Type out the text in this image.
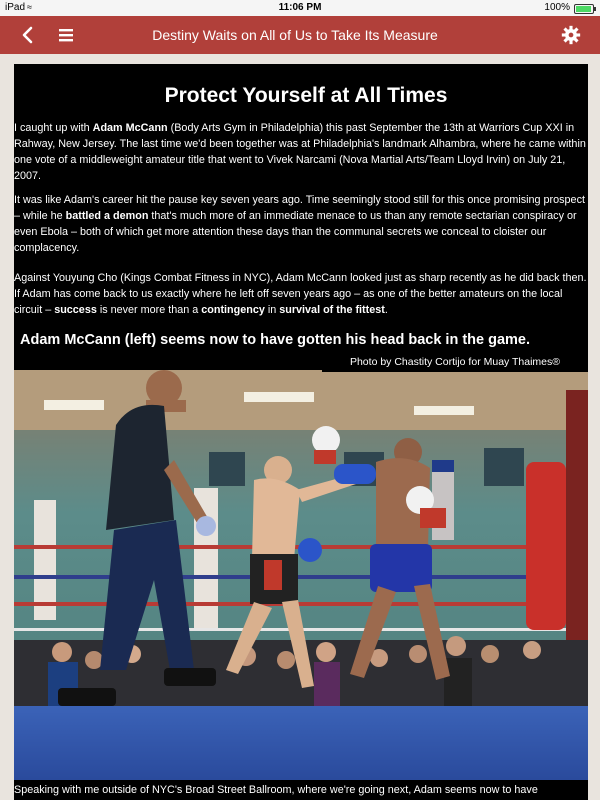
iPad ≈	11:06 PM	100%
Destiny Waits on All of Us to Take Its Measure
Protect Yourself at All Times
I caught up with Adam McCann (Body Arts Gym in Philadelphia) this past September the 13th at Warriors Cup XXI in Rahway, New Jersey. The last time we'd been together was at Philadelphia's landmark Alhambra, where he came within one vote of a middleweight amateur title that went to Vivek Narcami (Nova Martial Arts/Team Lloyd Irvin) on July 21, 2007.
It was like Adam's career hit the pause key seven years ago. Time seemingly stood still for this once promising prospect – while he battled a demon that's much more of an immediate menace to us than any remote sectarian conspiracy or even Ebola – both of which get more attention these days than the communal secrets we conceal to cloister our complacency.
Against Youyung Cho (Kings Combat Fitness in NYC), Adam McCann looked just as sharp recently as he did back then. If Adam has come back to us exactly where he left off seven years ago – as one of the better amateurs on the local circuit – success is never more than a contingency in survival of the fittest.
Adam McCann (left) seems now to have gotten his head back in the game.
Photo by Chastity Cortijo for Muay Thaimes®
Speaking with me outside of NYC's Broad Street Ballroom, where we're going next, Adam seems now to have
